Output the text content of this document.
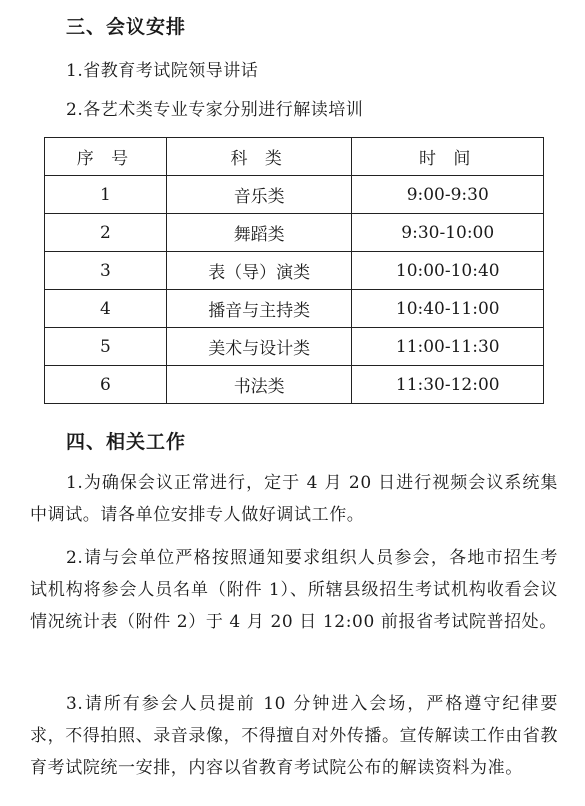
三、会议安排
1.省教育考试院领导讲话
2.各艺术类专业专家分别进行解读培训
序 号	科 类	时 间
1	音乐类	9:00-9:30
2	舞蹈类	9:30-10:00
3	表（导）演类	10:00-10:40
4	播音与主持类	10:40-11:00
5	美术与设计类	11:00-11:30
6	书法类	11:30-12:00
四、相关工作
1.为确保会议正常进行，定于 4 月 20 日进行视频会议系统集中调试。请各单位安排专人做好调试工作。
2.请与会单位严格按照通知要求组织人员参会，各地市招生考试机构将参会人员名单（附件 1）、所辖县级招生考试机构收看会议情况统计表（附件 2）于 4 月 20 日 12:00 前报省考试院普招处。
3.请所有参会人员提前 10 分钟进入会场，严格遵守纪律要求，不得拍照、录音录像，不得擅自对外传播。宣传解读工作由省教育考试院统一安排，内容以省教育考试院公布的解读资料为准。
